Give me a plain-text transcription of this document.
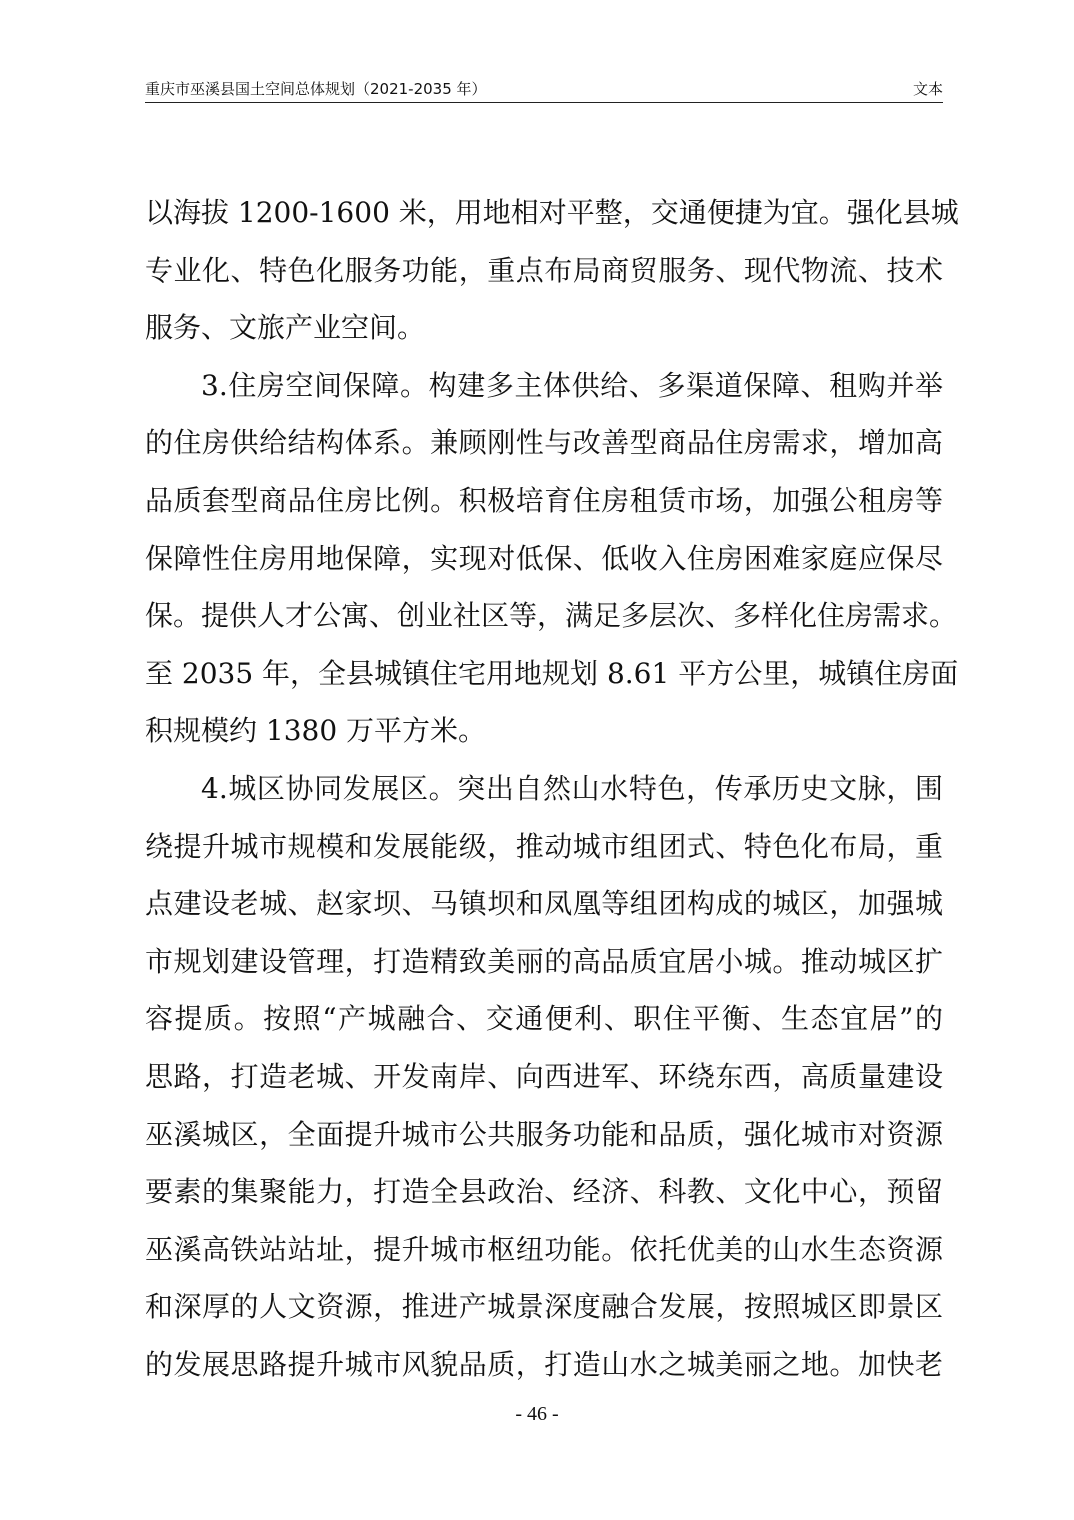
重庆市巫溪县国土空间总体规划（2021-2035 年）	文本
以海拔 1200-1600 米，用地相对平整，交通便捷为宜。强化县城
专业化、特色化服务功能，重点布局商贸服务、现代物流、技术
服务、文旅产业空间。
3.住房空间保障。构建多主体供给、多渠道保障、租购并举
的住房供给结构体系。兼顾刚性与改善型商品住房需求，增加高
品质套型商品住房比例。积极培育住房租赁市场，加强公租房等
保障性住房用地保障，实现对低保、低收入住房困难家庭应保尽
保。提供人才公寓、创业社区等，满足多层次、多样化住房需求。
至 2035 年，全县城镇住宅用地规划 8.61 平方公里，城镇住房面
积规模约 1380 万平方米。
4.城区协同发展区。突出自然山水特色，传承历史文脉，围
绕提升城市规模和发展能级，推动城市组团式、特色化布局，重
点建设老城、赵家坝、马镇坝和凤凰等组团构成的城区，加强城
市规划建设管理，打造精致美丽的高品质宜居小城。推动城区扩
容提质。按照“产城融合、交通便利、职住平衡、生态宜居”的
思路，打造老城、开发南岸、向西进军、环绕东西，高质量建设
巫溪城区，全面提升城市公共服务功能和品质，强化城市对资源
要素的集聚能力，打造全县政治、经济、科教、文化中心，预留
巫溪高铁站站址，提升城市枢纽功能。依托优美的山水生态资源
和深厚的人文资源，推进产城景深度融合发展，按照城区即景区
的发展思路提升城市风貌品质，打造山水之城美丽之地。加快老
- 46 -
